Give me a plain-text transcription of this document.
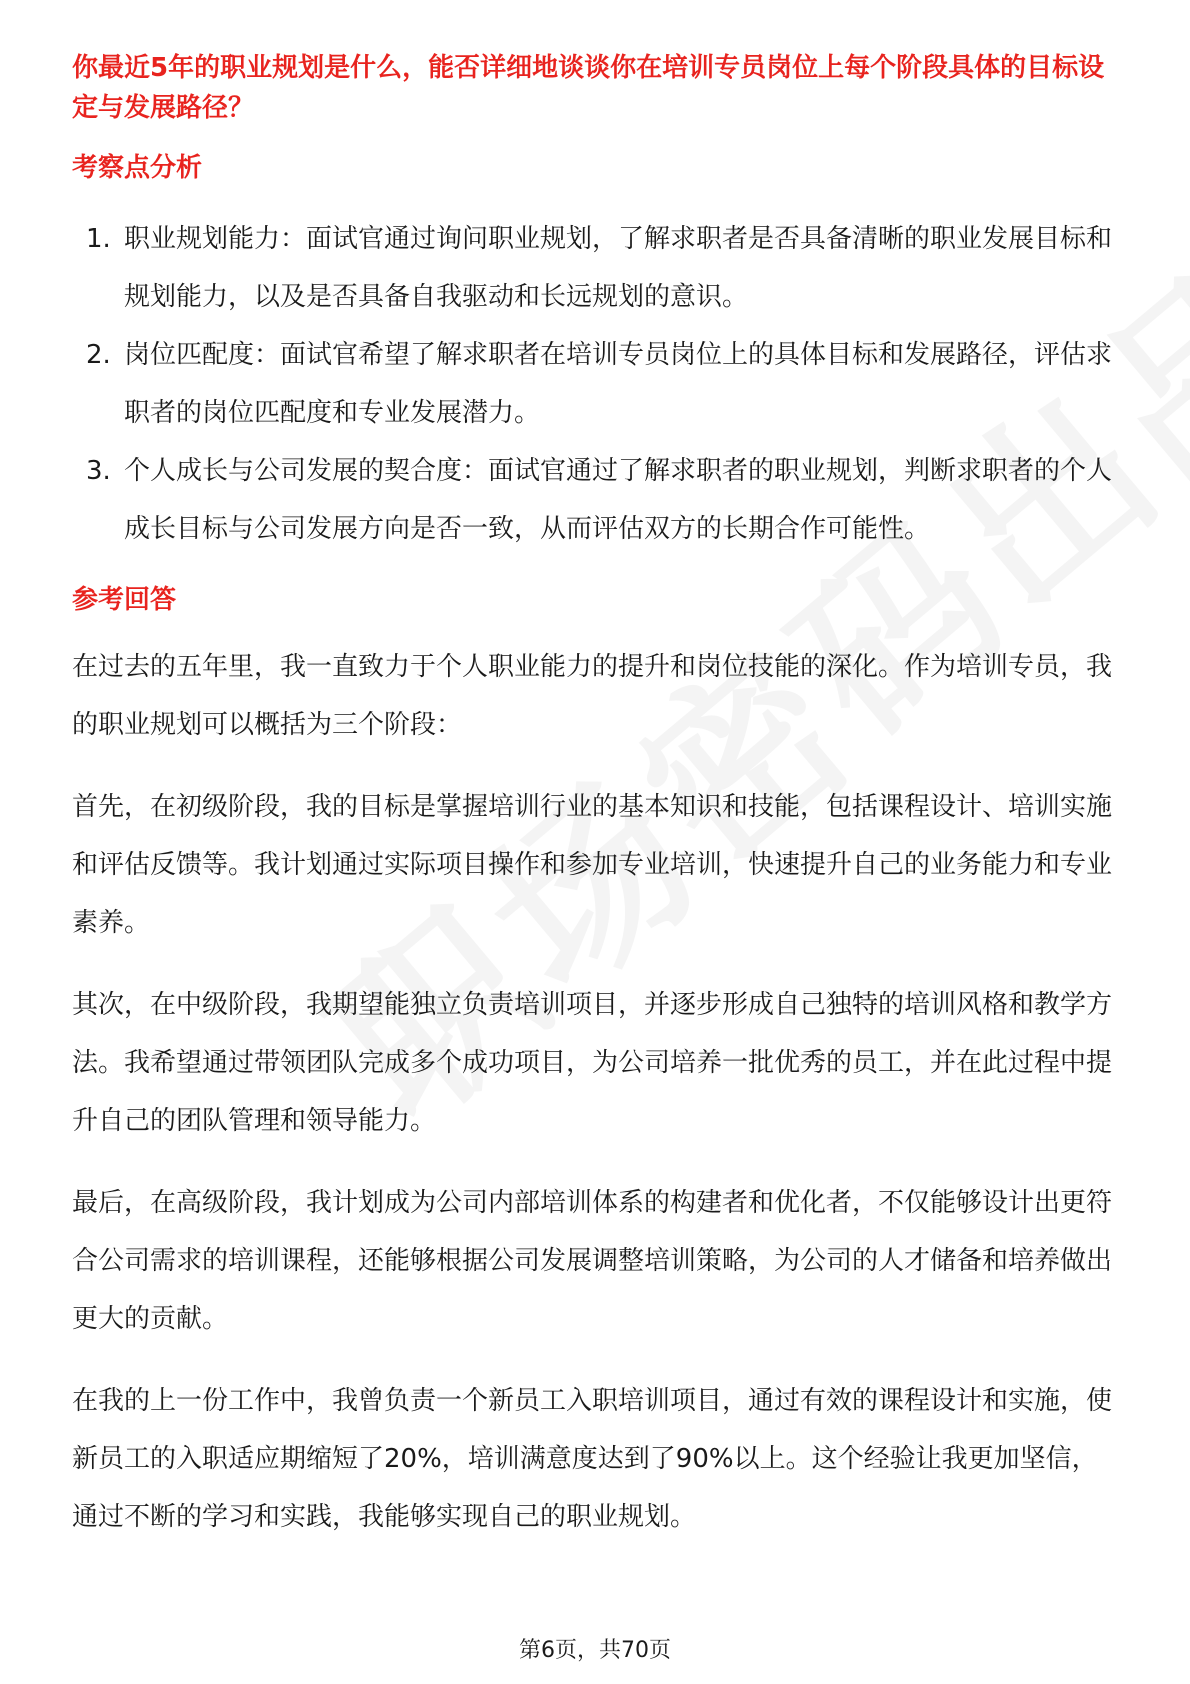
你最近5年的职业规划是什么，能否详细地谈谈你在培训专员岗位上每个阶段具体的目标设定与发展路径？

考察点分析
1. 职业规划能力：面试官通过询问职业规划，了解求职者是否具备清晰的职业发展目标和规划能力，以及是否具备自我驱动和长远规划的意识。
2. 岗位匹配度：面试官希望了解求职者在培训专员岗位上的具体目标和发展路径，评估求职者的岗位匹配度和专业发展潜力。
3. 个人成长与公司发展的契合度：面试官通过了解求职者的职业规划，判断求职者的个人成长目标与公司发展方向是否一致，从而评估双方的长期合作可能性。
参考回答

在过去的五年里，我一直致力于个人职业能力的提升和岗位技能的深化。作为培训专员，我的职业规划可以概括为三个阶段：

首先，在初级阶段，我的目标是掌握培训行业的基本知识和技能，包括课程设计、培训实施和评估反馈等。我计划通过实际项目操作和参加专业培训，快速提升自己的业务能力和专业素养。

其次，在中级阶段，我期望能独立负责培训项目，并逐步形成自己独特的培训风格和教学方法。我希望通过带领团队完成多个成功项目，为公司培养一批优秀的员工，并在此过程中提升自己的团队管理和领导能力。

最后，在高级阶段，我计划成为公司内部培训体系的构建者和优化者，不仅能够设计出更符合公司需求的培训课程，还能够根据公司发展调整培训策略，为公司的人才储备和培养做出更大的贡献。

在我的上一份工作中，我曾负责一个新员工入职培训项目，通过有效的课程设计和实施，使新员工的入职适应期缩短了20%，培训满意度达到了90%以上。这个经验让我更加坚信，通过不断的学习和实践，我能够实现自己的职业规划。

第6页，共70页
